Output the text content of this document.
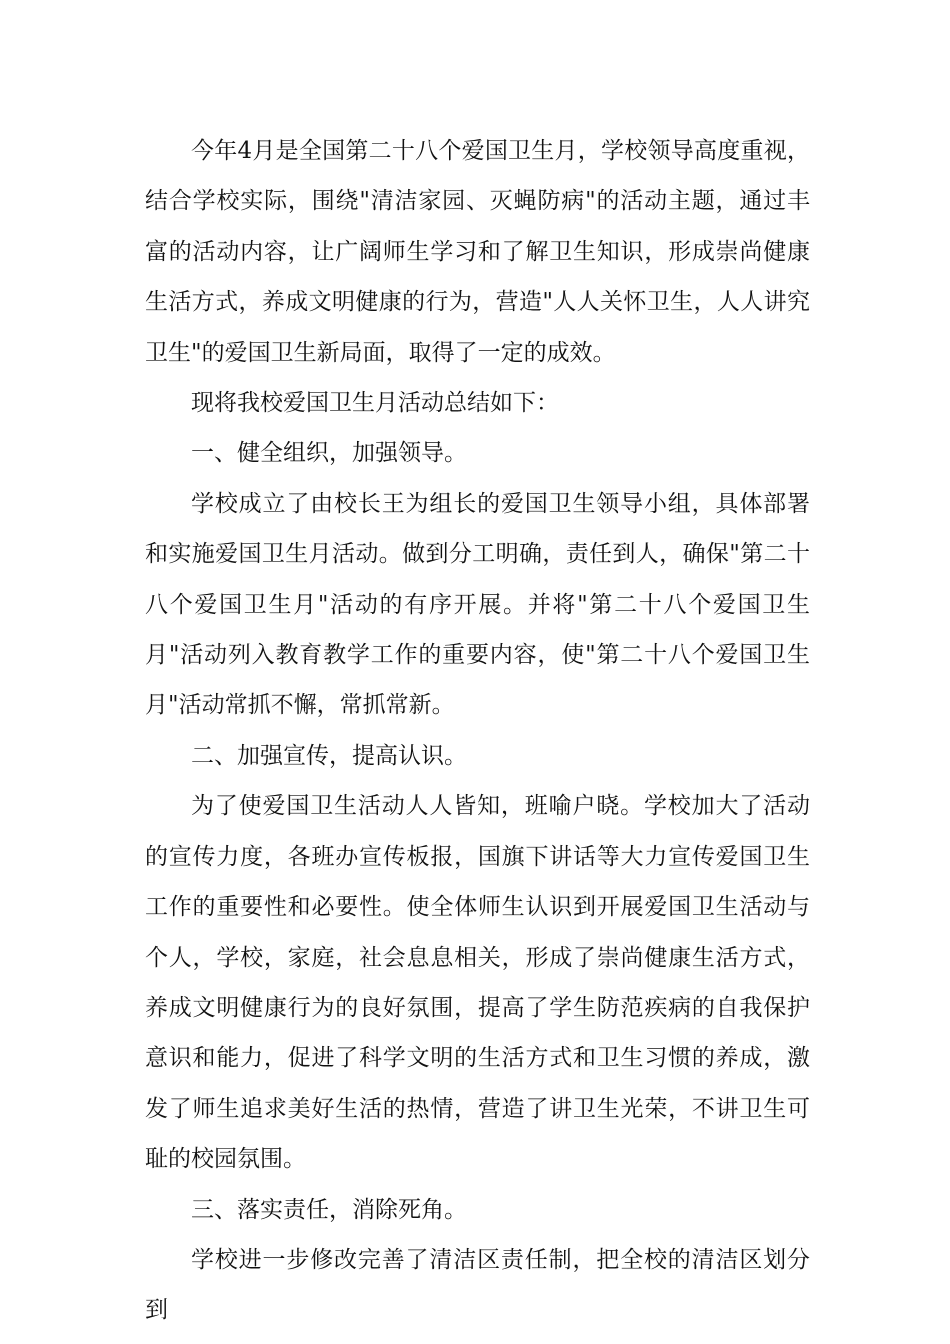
今年4月是全国第二十八个爱国卫生月，学校领导高度重视，结合学校实际，围绕"清洁家园、灭蝇防病"的活动主题，通过丰富的活动内容，让广阔师生学习和了解卫生知识，形成崇尚健康生活方式，养成文明健康的行为，营造"人人关怀卫生，人人讲究卫生"的爱国卫生新局面，取得了一定的成效。

现将我校爱国卫生月活动总结如下：

一、健全组织，加强领导。

学校成立了由校长王为组长的爱国卫生领导小组，具体部署和实施爱国卫生月活动。做到分工明确，责任到人，确保"第二十八个爱国卫生月"活动的有序开展。并将"第二十八个爱国卫生月"活动列入教育教学工作的重要内容，使"第二十八个爱国卫生月"活动常抓不懈，常抓常新。

二、加强宣传，提高认识。

为了使爱国卫生活动人人皆知，班喻户晓。学校加大了活动的宣传力度，各班办宣传板报，国旗下讲话等大力宣传爱国卫生工作的重要性和必要性。使全体师生认识到开展爱国卫生活动与个人，学校，家庭，社会息息相关，形成了崇尚健康生活方式，养成文明健康行为的良好氛围，提高了学生防范疾病的自我保护意识和能力，促进了科学文明的生活方式和卫生习惯的养成，激发了师生追求美好生活的热情，营造了讲卫生光荣，不讲卫生可耻的校园氛围。

三、落实责任，消除死角。

学校进一步修改完善了清洁区责任制，把全校的清洁区划分到
